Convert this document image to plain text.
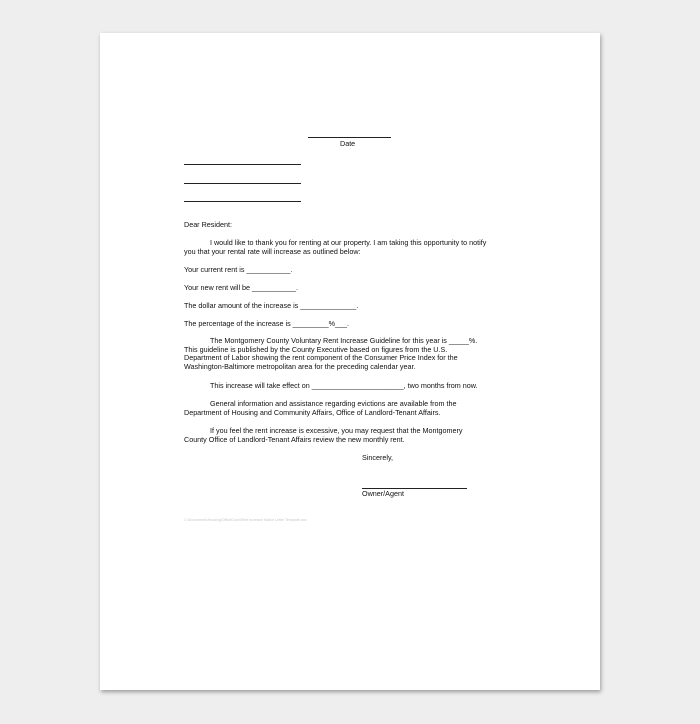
Date
Dear Resident:
I would like to thank you for renting at our property. I am taking this opportunity to notify
you that your rental rate will increase as outlined below:
Your current rent is ___________.
Your new rent will be ___________.
The dollar amount of the increase is ______________.
The percentage of the increase is _________%___.
The Montgomery County Voluntary Rent Increase Guideline for this year is _____%.
This guideline is published by the County Executive based on figures from the U.S.
Department of Labor showing the rent component of the Consumer Price Index for the
Washington-Baltimore metropolitan area for the preceding calendar year.
This increase will take effect on _______________________, two months from now.
General information and assistance regarding evictions are available from the
Department of Housing and Community Affairs, Office of Landlord-Tenant Affairs.
If you feel the rent increase is excessive, you may request that the Montgomery
County Office of Landlord-Tenant Affairs review the new monthly rent.
Sincerely,
Owner/Agent
C:\Documents\Housing\OfficeDocs\Rent Increase Notice Letter Template.doc
